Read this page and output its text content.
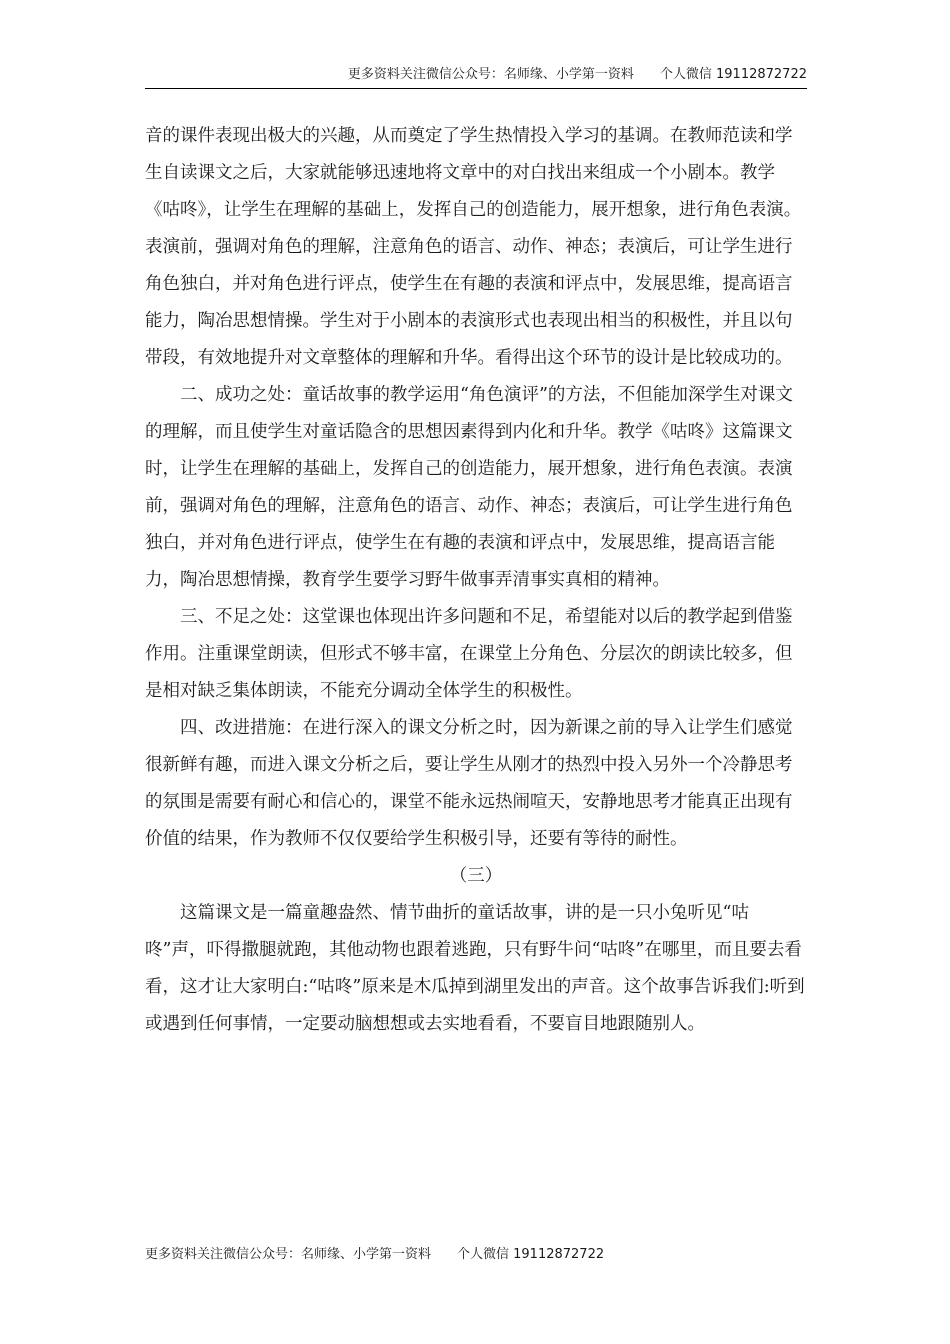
更多资料关注微信公众号：名师缘、小学第一资料　　个人微信 19112872722

音的课件表现出极大的兴趣，从而奠定了学生热情投入学习的基调。在教师范读和学生自读课文之后，大家就能够迅速地将文章中的对白找出来组成一个小剧本。教学《咕咚》，让学生在理解的基础上，发挥自己的创造能力，展开想象，进行角色表演。表演前，强调对角色的理解，注意角色的语言、动作、神态；表演后，可让学生进行角色独白，并对角色进行评点，使学生在有趣的表演和评点中，发展思维，提高语言能力，陶冶思想情操。学生对于小剧本的表演形式也表现出相当的积极性，并且以句带段，有效地提升对文章整体的理解和升华。看得出这个环节的设计是比较成功的。

二、成功之处：童话故事的教学运用“角色演评”的方法，不但能加深学生对课文的理解，而且使学生对童话隐含的思想因素得到内化和升华。教学《咕咚》这篇课文时，让学生在理解的基础上，发挥自己的创造能力，展开想象，进行角色表演。表演前，强调对角色的理解，注意角色的语言、动作、神态；表演后，可让学生进行角色独白，并对角色进行评点，使学生在有趣的表演和评点中，发展思维，提高语言能力，陶冶思想情操，教育学生要学习野牛做事弄清事实真相的精神。

三、不足之处：这堂课也体现出许多问题和不足，希望能对以后的教学起到借鉴作用。注重课堂朗读，但形式不够丰富，在课堂上分角色、分层次的朗读比较多，但是相对缺乏集体朗读，不能充分调动全体学生的积极性。

四、改进措施：在进行深入的课文分析之时，因为新课之前的导入让学生们感觉很新鲜有趣，而进入课文分析之后，要让学生从刚才的热烈中投入另外一个冷静思考的氛围是需要有耐心和信心的，课堂不能永远热闹喧天，安静地思考才能真正出现有价值的结果，作为教师不仅仅要给学生积极引导，还要有等待的耐性。

（三）

这篇课文是一篇童趣盎然、情节曲折的童话故事，讲的是一只小兔听见“咕咚”声，吓得撒腿就跑，其他动物也跟着逃跑，只有野牛问“咕咚”在哪里，而且要去看看，这才让大家明白:“咕咚”原来是木瓜掉到湖里发出的声音。这个故事告诉我们:听到或遇到任何事情，一定要动脑想想或去实地看看，不要盲目地跟随别人。

更多资料关注微信公众号：名师缘、小学第一资料　　个人微信 19112872722
